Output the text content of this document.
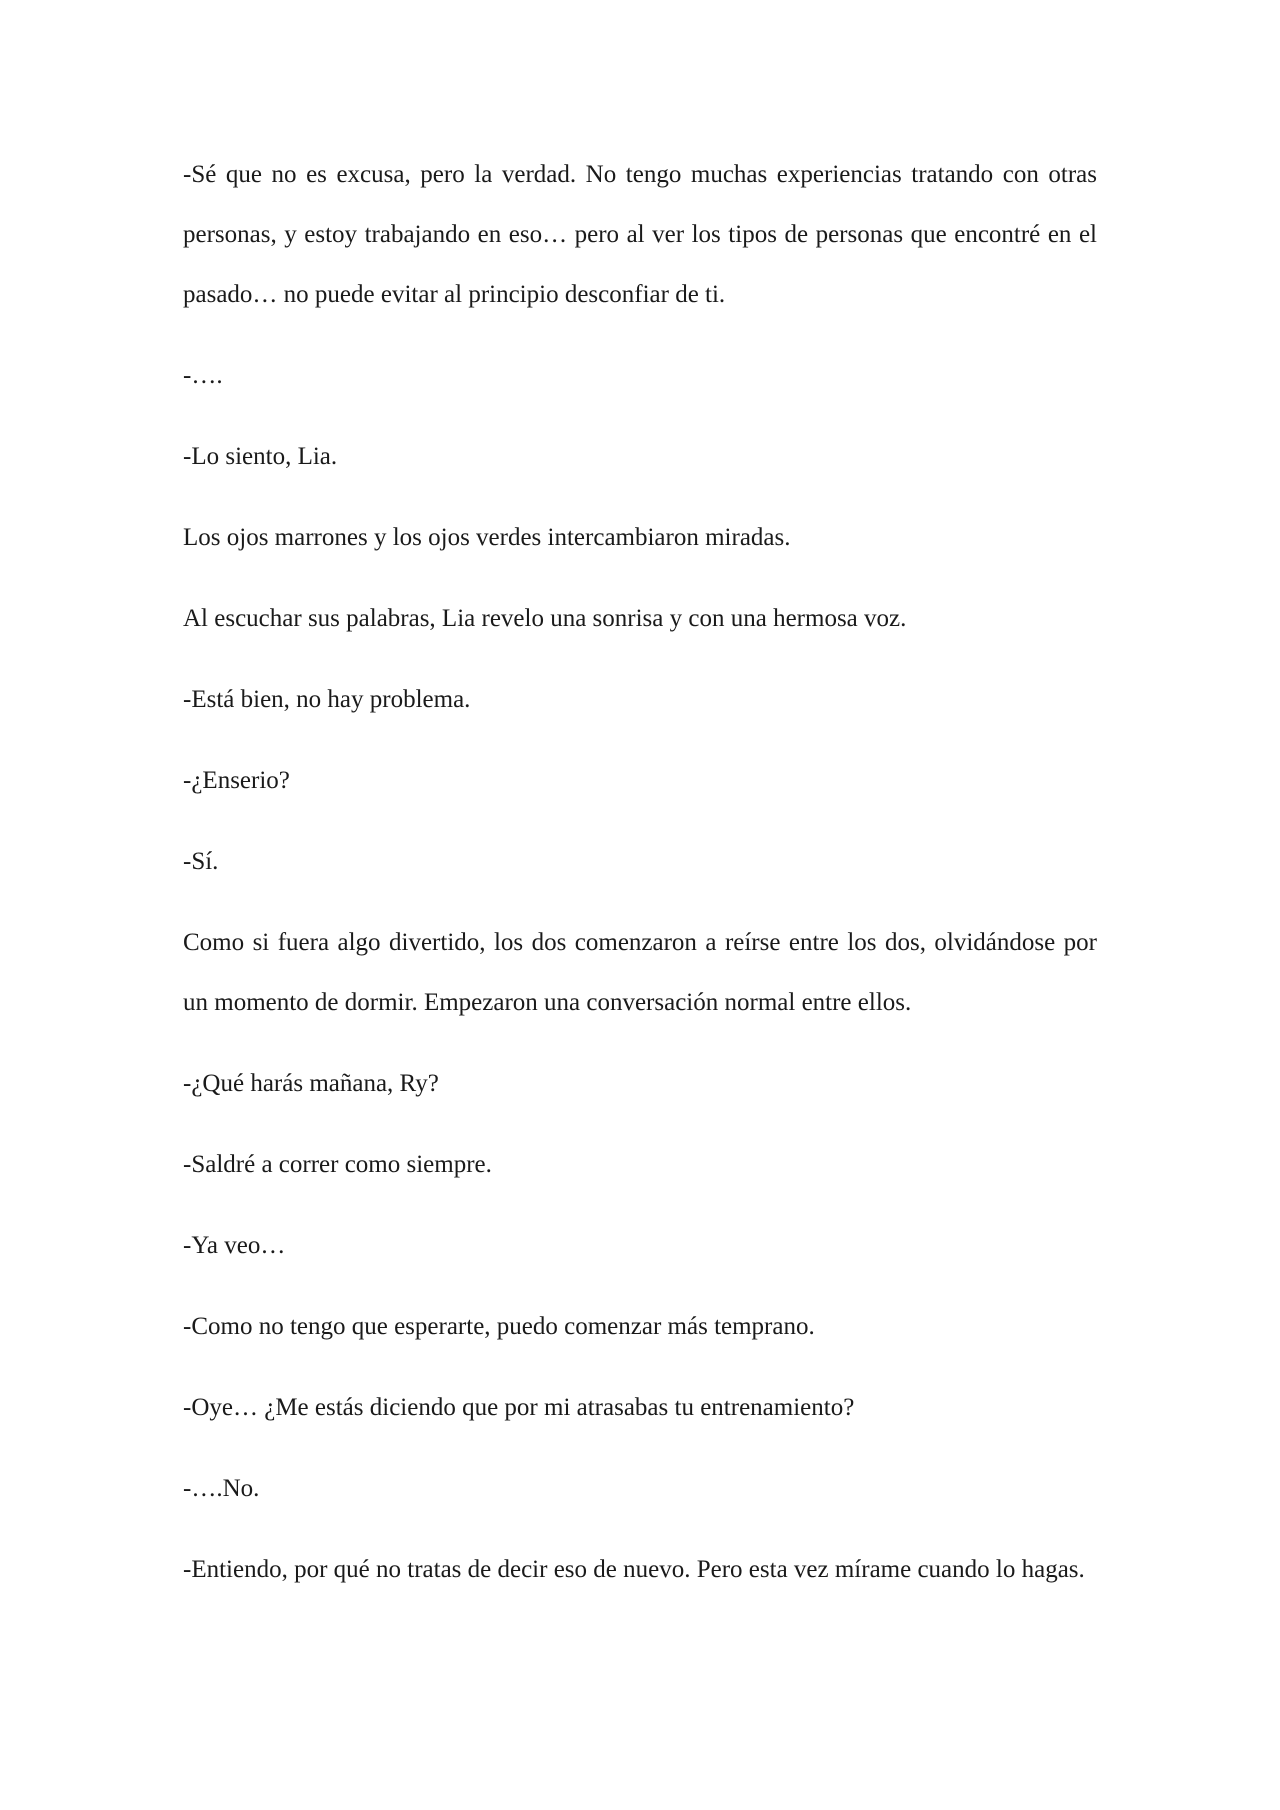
-Sé que no es excusa, pero la verdad. No tengo muchas experiencias tratando con otras personas, y estoy trabajando en eso… pero al ver los tipos de personas que encontré en el pasado… no puede evitar al principio desconfiar de ti.

-….

-Lo siento, Lia.

Los ojos marrones y los ojos verdes intercambiaron miradas.

Al escuchar sus palabras, Lia revelo una sonrisa y con una hermosa voz.

-Está bien, no hay problema.

-¿Enserio?

-Sí.

Como si fuera algo divertido, los dos comenzaron a reírse entre los dos, olvidándose por un momento de dormir. Empezaron una conversación normal entre ellos.

-¿Qué harás mañana, Ry?

-Saldré a correr como siempre.

-Ya veo…

-Como no tengo que esperarte, puedo comenzar más temprano.

-Oye… ¿Me estás diciendo que por mi atrasabas tu entrenamiento?

-….No.

-Entiendo, por qué no tratas de decir eso de nuevo. Pero esta vez mírame cuando lo hagas.
